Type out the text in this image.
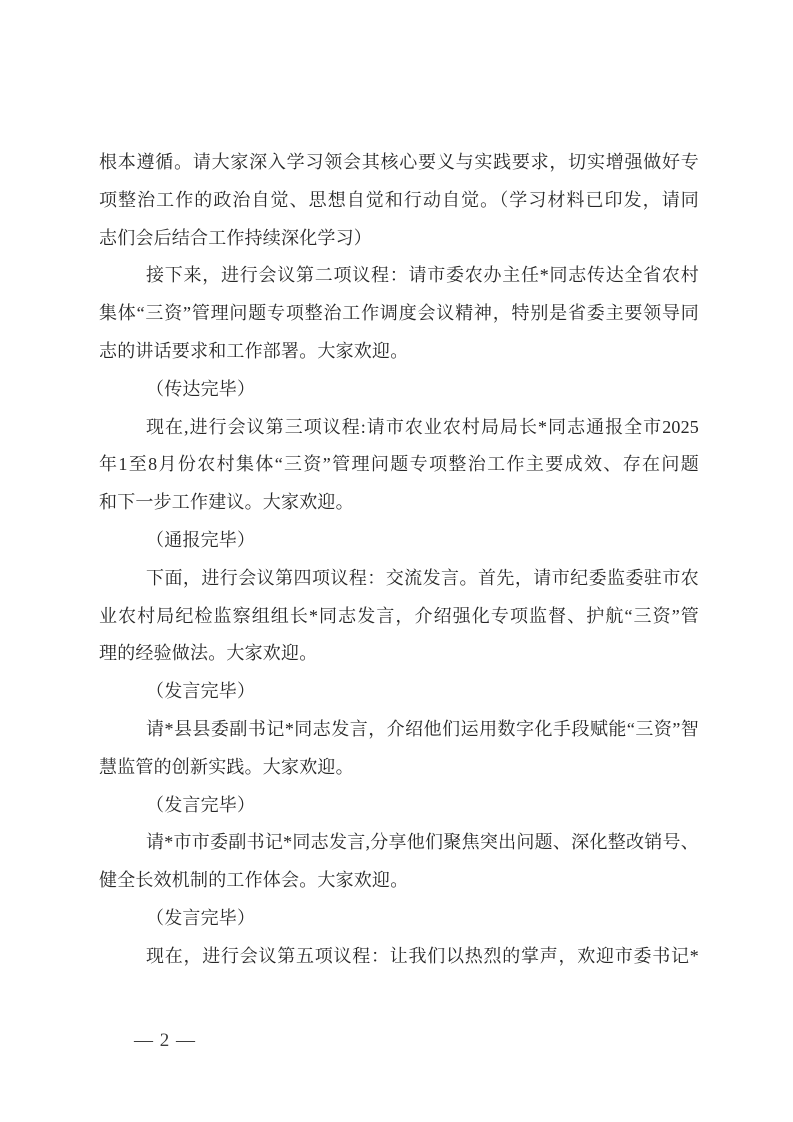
根本遵循。请大家深入学习领会其核心要义与实践要求，切实增强做好专
项整治工作的政治自觉、思想自觉和行动自觉。（学习材料已印发，请同
志们会后结合工作持续深化学习）
接下来，进行会议第二项议程：请市委农办主任*同志传达全省农村
集体“三资”管理问题专项整治工作调度会议精神，特别是省委主要领导同
志的讲话要求和工作部署。大家欢迎。
（传达完毕）
现在,进行会议第三项议程:请市农业农村局局长*同志通报全市2025
年1至8月份农村集体“三资”管理问题专项整治工作主要成效、存在问题
和下一步工作建议。大家欢迎。
（通报完毕）
下面，进行会议第四项议程：交流发言。首先，请市纪委监委驻市农
业农村局纪检监察组组长*同志发言，介绍强化专项监督、护航“三资”管
理的经验做法。大家欢迎。
（发言完毕）
请*县县委副书记*同志发言，介绍他们运用数字化手段赋能“三资”智
慧监管的创新实践。大家欢迎。
（发言完毕）
请*市市委副书记*同志发言,分享他们聚焦突出问题、深化整改销号、
健全长效机制的工作体会。大家欢迎。
（发言完毕）
现在，进行会议第五项议程：让我们以热烈的掌声，欢迎市委书记*
— 2 —
